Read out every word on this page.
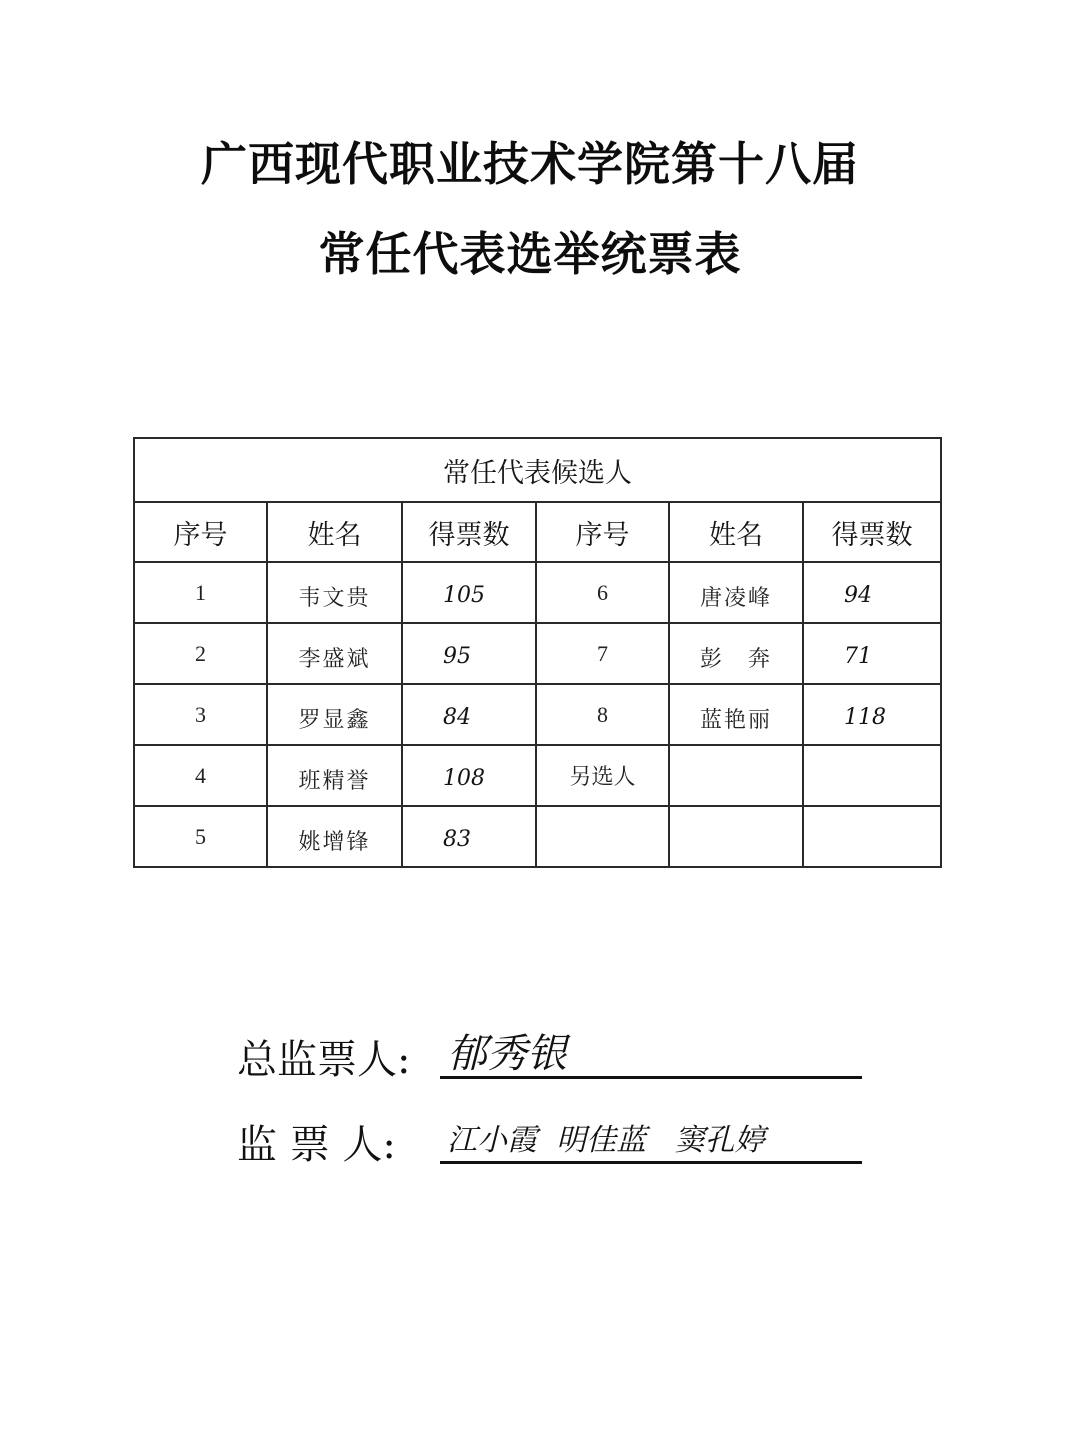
广西现代职业技术学院第十八届
常任代表选举统票表
常任代表候选人					
序号	姓名	得票数	序号	姓名	得票数
1	韦文贵	105	6	唐凌峰	94
2	李盛斌	95	7	彭　奔	71
3	罗显鑫	84	8	蓝艳丽	118
4	班精誉	108	另选人		
5	姚增锋	83			
总监票人: 郁秀银
监 票 人: 江小霞  明佳蓝   窦孔婷
